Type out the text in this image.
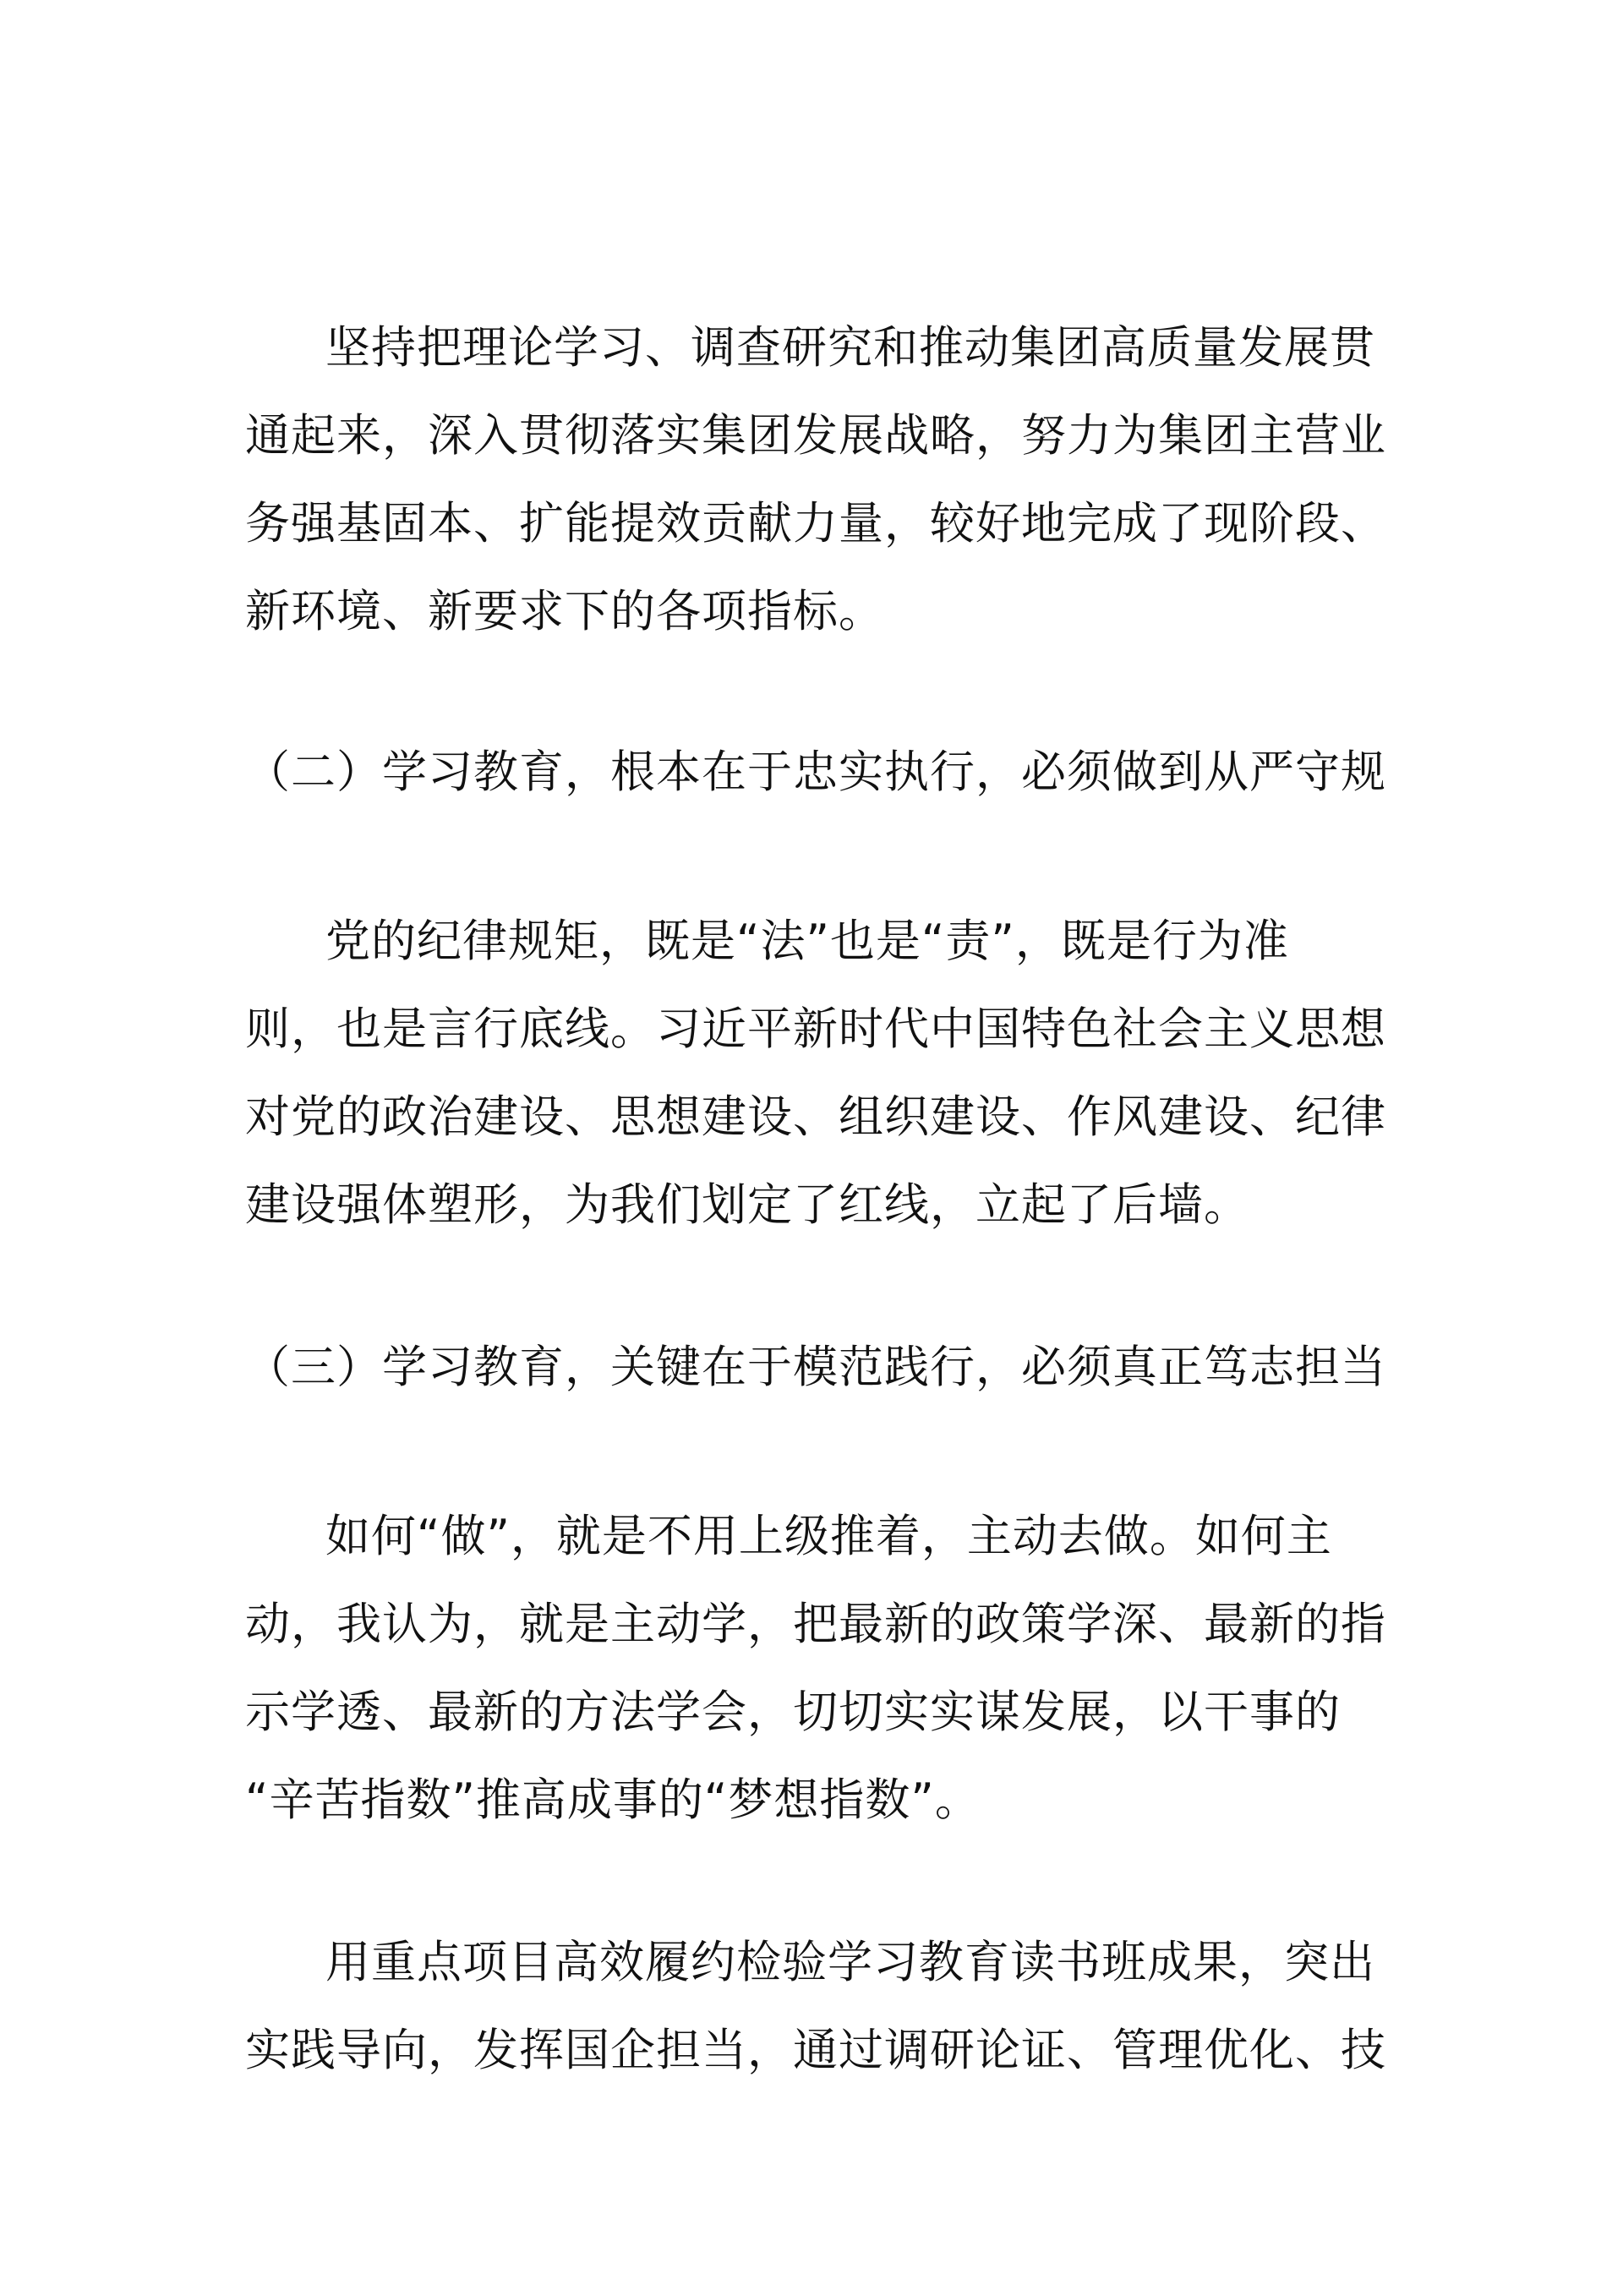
坚持把理论学习、调查研究和推动集团高质量发展贯
通起来，深入贯彻落实集团发展战略，努力为集团主营业
务强基固本、扩能提效贡献力量，较好地完成了现阶段、
新环境、新要求下的各项指标。
（二）学习教育，根本在于忠实执行，必须做到从严守规
党的纪律规矩，既是“法”也是“责”，既是行为准
则，也是言行底线。习近平新时代中国特色社会主义思想
对党的政治建设、思想建设、组织建设、作风建设、纪律
建设强体塑形，为我们划定了红线，立起了后墙。
（三）学习教育，关键在于模范践行，必须真正笃志担当
如何“做”，就是不用上级推着，主动去做。如何主
动，我认为，就是主动学，把最新的政策学深、最新的指
示学透、最新的方法学会，切切实实谋发展，以干事的
“辛苦指数”推高成事的“梦想指数”。
用重点项目高效履约检验学习教育读书班成果，突出
实践导向，发挥国企担当，通过调研论证、管理优化、技
